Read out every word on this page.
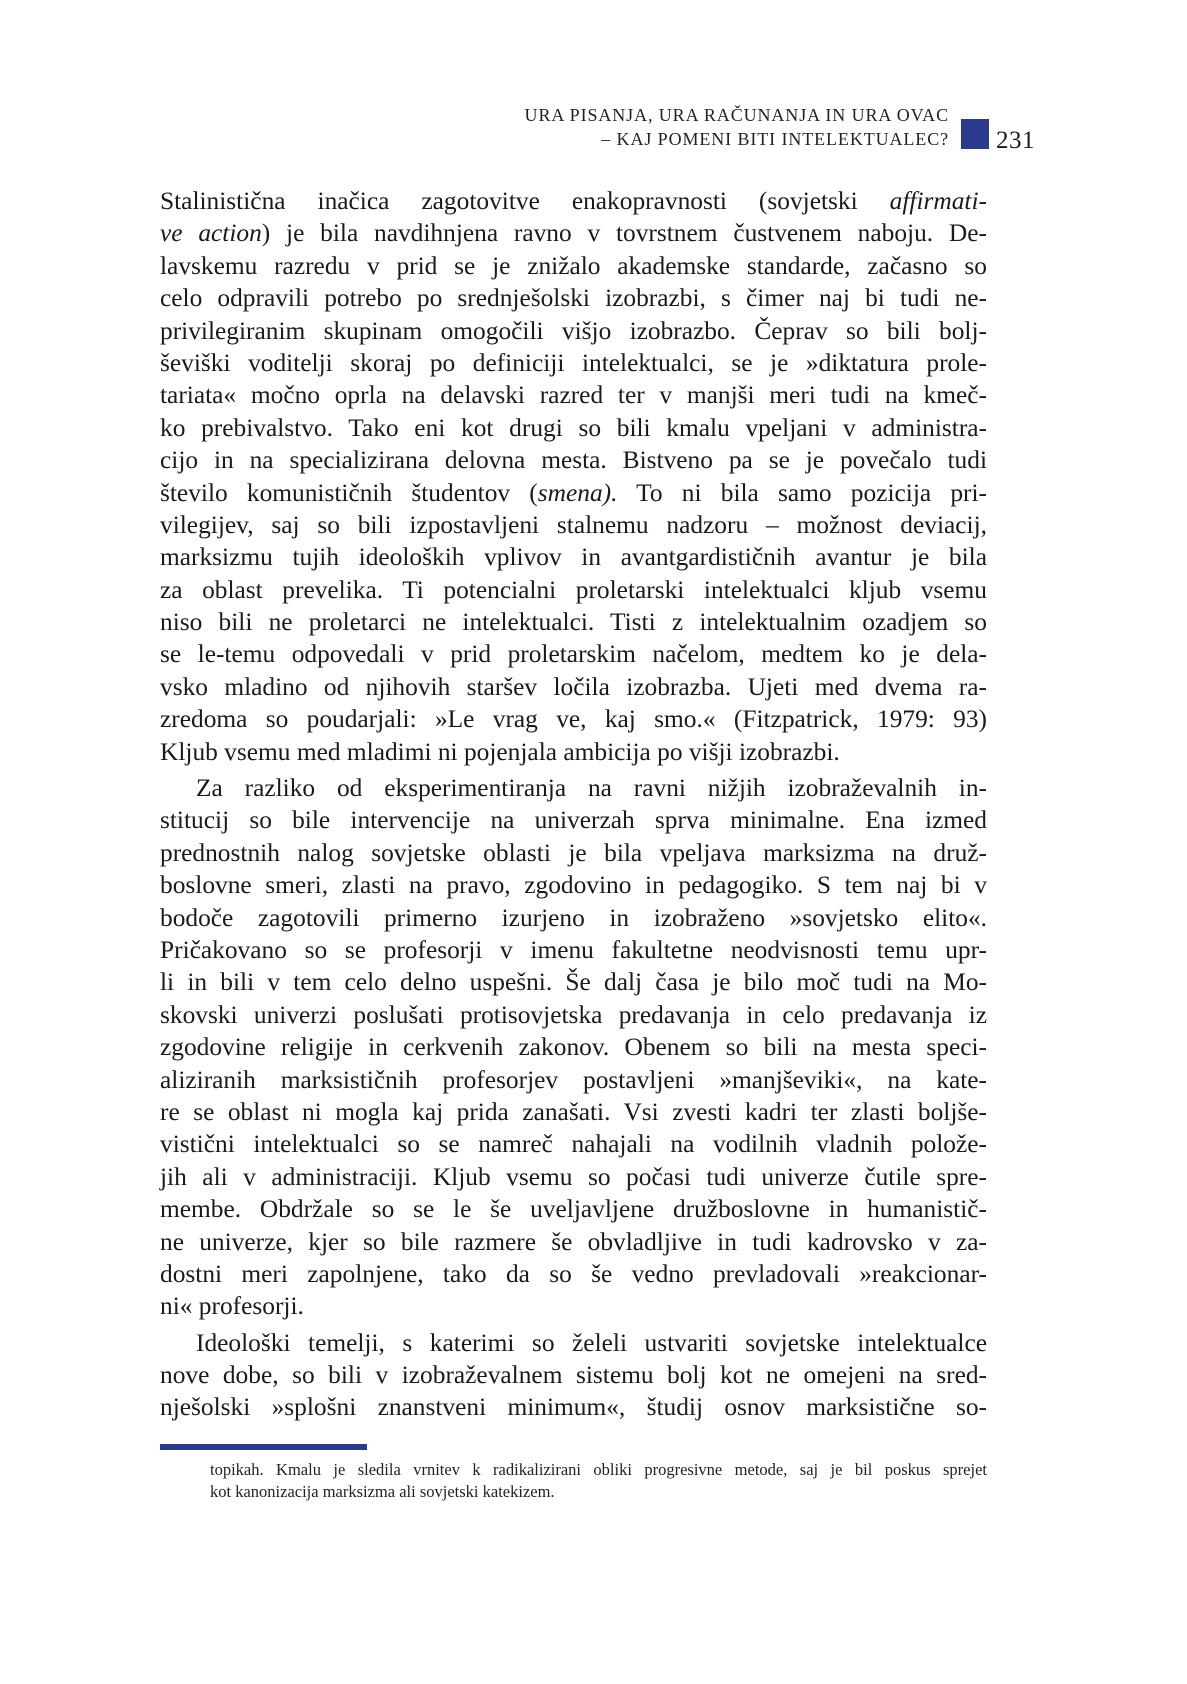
URA PISANJA, URA RAČUNANJA IN URA OVAC
– KAJ POMENI BITI INTELEKTUALEC? 231
Stalinistična inačica zagotovitve enakopravnosti (sovjetski affirmati-
ve action) je bila navdihnjena ravno v tovrstnem čustvenem naboju. De-
lavskemu razredu v prid se je znižalo akademske standarde, začasno so
celo odpravili potrebo po srednješolski izobrazbi, s čimer naj bi tudi ne-
privilegiranim skupinam omogočili višjo izobrazbo. Čeprav so bili bolj-
ševiški voditelji skoraj po definiciji intelektualci, se je »diktatura prole-
tariata« močno oprla na delavski razred ter v manjši meri tudi na kmeč-
ko prebivalstvo. Tako eni kot drugi so bili kmalu vpeljani v administra-
cijo in na specializirana delovna mesta. Bistveno pa se je povečalo tudi
število komunističnih študentov (smena). To ni bila samo pozicija pri-
vilegijev, saj so bili izpostavljeni stalnemu nadzoru – možnost deviacij,
marksizmu tujih ideoloških vplivov in avantgardističnih avantur je bila
za oblast prevelika. Ti potencialni proletarski intelektualci kljub vsemu
niso bili ne proletarci ne intelektualci. Tisti z intelektualnim ozadjem so
se le-temu odpovedali v prid proletarskim načelom, medtem ko je dela-
vsko mladino od njihovih staršev ločila izobrazba. Ujeti med dvema ra-
zredoma so poudarjali: »Le vrag ve, kaj smo.« (Fitzpatrick, 1979: 93)
Kljub vsemu med mladimi ni pojenjala ambicija po višji izobrazbi.
Za razliko od eksperimentiranja na ravni nižjih izobraževalnih in-
stitucij so bile intervencije na univerzah sprva minimalne. Ena izmed
prednostnih nalog sovjetske oblasti je bila vpeljava marksizma na druž-
boslovne smeri, zlasti na pravo, zgodovino in pedagogiko. S tem naj bi v
bodoče zagotovili primerno izurjeno in izobraženo »sovjetsko elito«.
Pričakovano so se profesorji v imenu fakultetne neodvisnosti temu upr-
li in bili v tem celo delno uspešni. Še dalj časa je bilo moč tudi na Mo-
skovski univerzi poslušati protisovjetska predavanja in celo predavanja iz
zgodovine religije in cerkvenih zakonov. Obenem so bili na mesta speci-
aliziranih marksističnih profesorjev postavljeni »manjševiki«, na kate-
re se oblast ni mogla kaj prida zanašati. Vsi zvesti kadri ter zlasti boljše-
vistični intelektualci so se namreč nahajali na vodilnih vladnih polože-
jih ali v administraciji. Kljub vsemu so počasi tudi univerze čutile spre-
membe. Obdržale so se le še uveljavljene družboslovne in humanistič-
ne univerze, kjer so bile razmere še obvladljive in tudi kadrovsko v za-
dostni meri zapolnjene, tako da so še vedno prevladovali »reakcionar-
ni« profesorji.
Ideološki temelji, s katerimi so želeli ustvariti sovjetske intelektualce
nove dobe, so bili v izobraževalnem sistemu bolj kot ne omejeni na sred-
nješolski »splošni znanstveni minimum«, študij osnov marksistične so-
topikah. Kmalu je sledila vrnitev k radikalizirani obliki progresivne metode, saj je bil poskus sprejet
kot kanonizacija marksizma ali sovjetski katekizem.
